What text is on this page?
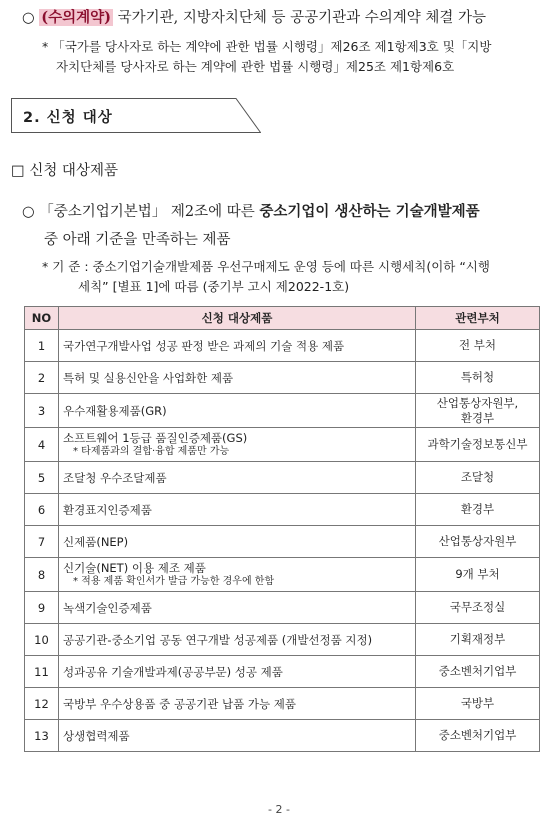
○ (수의계약) 국가기관, 지방자치단체 등 공공기관과 수의계약 체결 가능
* 「국가를 당사자로 하는 계약에 관한 법률 시행령」제26조 제1항제3호 및「지방
자치단체를 당사자로 하는 계약에 관한 법률 시행령」제25조 제1항제6호
2. 신청 대상
□ 신청 대상제품
○ 「중소기업기본법」 제2조에 따른 중소기업이 생산하는 기술개발제품
중 아래 기준을 만족하는 제품
* 기 준 : 중소기업기술개발제품 우선구매제도 운영 등에 따른 시행세칙(이하 “시행
세칙” [별표 1]에 따름 (중기부 고시 제2022-1호)
NO	신청 대상제품	관련부처
1	국가연구개발사업 성공 판정 받은 과제의 기술 적용 제품	전 부처
2	특허 및 실용신안을 사업화한 제품	특허청
3	우수재활용제품(GR)	산업통상자원부,
환경부
4	소프트웨어 1등급 품질인증제품(GS)
* 타제품과의 결합·융합 제품만 가능	과학기술정보통신부
5	조달청 우수조달제품	조달청
6	환경표지인증제품	환경부
7	신제품(NEP)	산업통상자원부
8	신기술(NET) 이용 제조 제품
* 적용 제품 확인서가 발급 가능한 경우에 한함	9개 부처
9	녹색기술인증제품	국무조정실
10	공공기관-중소기업 공동 연구개발 성공제품 (개발선정품 지정)	기획재정부
11	성과공유 기술개발과제(공공부문) 성공 제품	중소벤처기업부
12	국방부 우수상용품 중 공공기관 납품 가능 제품	국방부
13	상생협력제품	중소벤처기업부
- 2 -
